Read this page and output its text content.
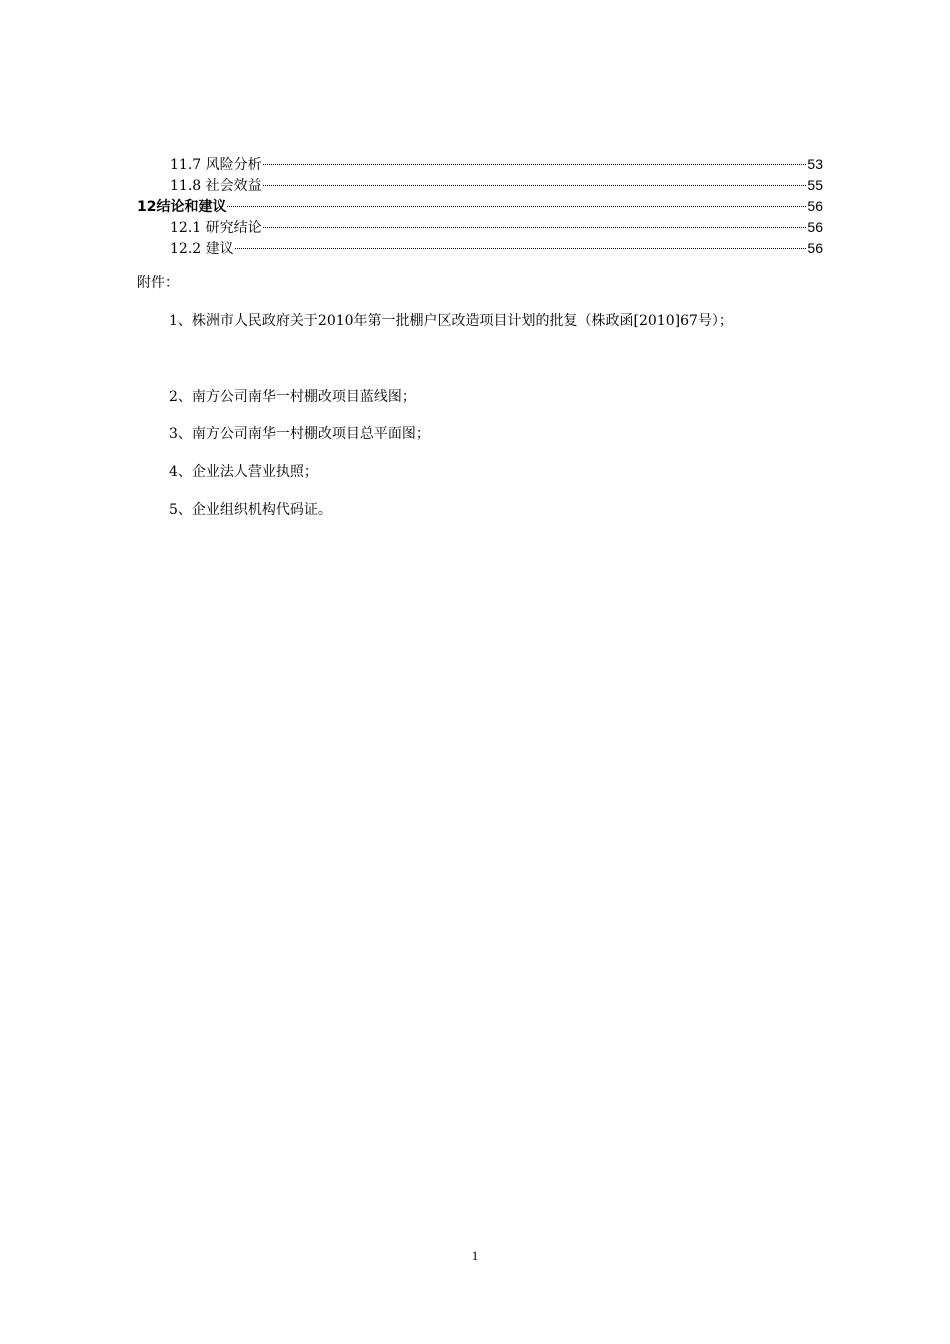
11.7 风险分析	53
11.8 社会效益	55
12结论和建议	56
12.1 研究结论	56
12.2 建议	56
附件：
1、株洲市人民政府关于2010年第一批棚户区改造项目计划的批复（株政函[2010]67号）；
2、南方公司南华一村棚改项目蓝线图；
3、南方公司南华一村棚改项目总平面图；
4、企业法人营业执照；
5、企业组织机构代码证。
1
